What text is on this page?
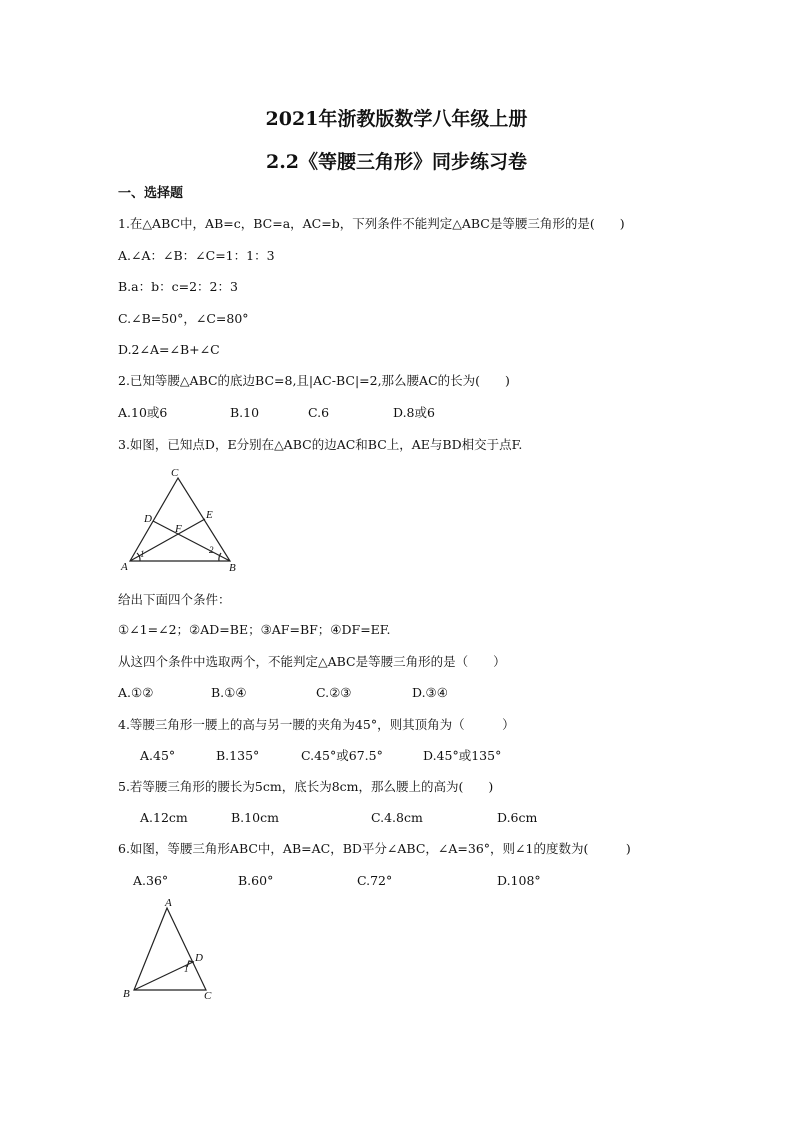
2021年浙教版数学八年级上册
2.2《等腰三角形》同步练习卷
一、选择题
1.在△ABC中，AB=c，BC=a，AC=b，下列条件不能判定△ABC是等腰三角形的是(　　)
A.∠A：∠B：∠C=1：1：3
B.a：b：c=2：2：3
C.∠B=50°，∠C=80°
D.2∠A=∠B+∠C
2.已知等腰△ABC的底边BC=8,且|AC-BC|=2,那么腰AC的长为(　　)
A.10或6	B.10	C.6	D.8或6
3.如图，已知点D，E分别在△ABC的边AC和BC上，AE与BD相交于点F.
C
D	E
F
A	B
1	2
给出下面四个条件：
①∠1=∠2；②AD=BE；③AF=BF；④DF=EF.
从这四个条件中选取两个，不能判定△ABC是等腰三角形的是（　　）
A.①②	B.①④	C.②③	D.③④
4.等腰三角形一腰上的高与另一腰的夹角为45°，则其顶角为（　　　）
A.45°	B.135°	C.45°或67.5°	D.45°或135°
5.若等腰三角形的腰长为5cm，底长为8cm，那么腰上的高为(　　)
A.12cm	B.10cm	C.4.8cm	D.6cm
6.如图，等腰三角形ABC中，AB=AC，BD平分∠ABC，∠A=36°，则∠1的度数为(　　　)
A.36°	B.60°	C.72°	D.108°
A
D
1
B	C
